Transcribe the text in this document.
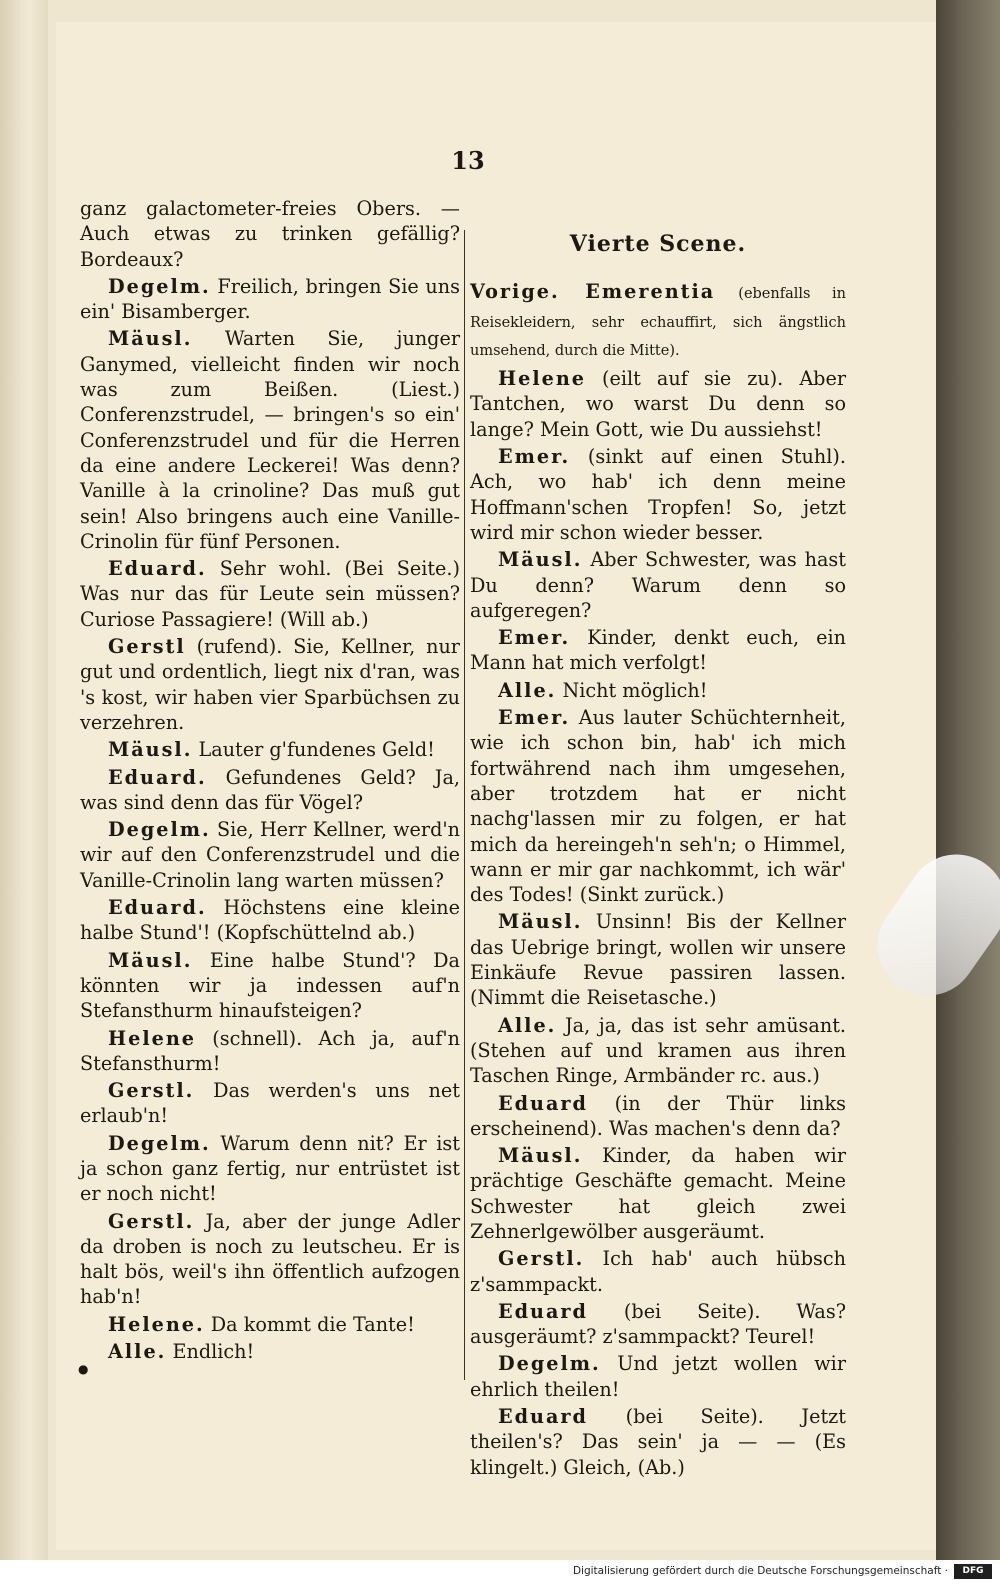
13

ganz galactometer-freies Obers. — Auch etwas zu trinken gefällig? Bordeaux?

Degelm. Freilich, bringen Sie uns ein' Bisamberger.

Mäusl. Warten Sie, junger Ganymed, vielleicht finden wir noch was zum Beißen. (Liest.) Conferenzstrudel, — bringen's so ein' Conferenzstrudel und für die Herren da eine andere Leckerei! Was denn? Vanille à la crinoline? Das muß gut sein! Also bringens auch eine Vanille-Crinolin für fünf Personen.

Eduard. Sehr wohl. (Bei Seite.) Was nur das für Leute sein müssen? Curiose Passagiere! (Will ab.)

Gerstl (rufend). Sie, Kellner, nur gut und ordentlich, liegt nix d'ran, was 's kost, wir haben vier Sparbüchsen zu verzehren.

Mäusl. Lauter g'fundenes Geld!

Eduard. Gefundenes Geld? Ja, was sind denn das für Vögel?

Degelm. Sie, Herr Kellner, werd'n wir auf den Conferenzstrudel und die Vanille-Crinolin lang warten müssen?

Eduard. Höchstens eine kleine halbe Stund'! (Kopfschüttelnd ab.)

Mäusl. Eine halbe Stund'? Da könnten wir ja indessen auf'n Stefansthurm hinaufsteigen?

Helene (schnell). Ach ja, auf'n Stefansthurm!

Gerstl. Das werden's uns net erlaub'n!

Degelm. Warum denn nit? Er ist ja schon ganz fertig, nur entrüstet ist er noch nicht!

Gerstl. Ja, aber der junge Adler da droben is noch zu leutscheu. Er is halt bös, weil's ihn öffentlich aufzogen hab'n!

Helene. Da kommt die Tante!

Alle. Endlich!

Vierte Scene.

Vorige. Emerentia (ebenfalls in Reisekleidern, sehr echauffirt, sich ängstlich umsehend, durch die Mitte).

Helene (eilt auf sie zu). Aber Tantchen, wo warst Du denn so lange? Mein Gott, wie Du aussiehst!

Emer. (sinkt auf einen Stuhl). Ach, wo hab' ich denn meine Hoffmann'schen Tropfen! So, jetzt wird mir schon wieder besser.

Mäusl. Aber Schwester, was hast Du denn? Warum denn so aufgeregen?

Emer. Kinder, denkt euch, ein Mann hat mich verfolgt!

Alle. Nicht möglich!

Emer. Aus lauter Schüchternheit, wie ich schon bin, hab' ich mich fortwährend nach ihm umgesehen, aber trotzdem hat er nicht nachg'lassen mir zu folgen, er hat mich da hereingeh'n seh'n; o Himmel, wann er mir gar nachkommt, ich wär' des Todes! (Sinkt zurück.)

Mäusl. Unsinn! Bis der Kellner das Uebrige bringt, wollen wir unsere Einkäufe Revue passiren lassen. (Nimmt die Reisetasche.)

Alle. Ja, ja, das ist sehr amüsant. (Stehen auf und kramen aus ihren Taschen Ringe, Armbänder rc. aus.)

Eduard (in der Thür links erscheinend). Was machen's denn da?

Mäusl. Kinder, da haben wir prächtige Geschäfte gemacht. Meine Schwester hat gleich zwei Zehnerlgewölber ausgeräumt.

Gerstl. Ich hab' auch hübsch z'sammpackt.

Eduard (bei Seite). Was? ausgeräumt? z'sammpackt? Teurel!

Degelm. Und jetzt wollen wir ehrlich theilen!

Eduard (bei Seite). Jetzt theilen's? Das sein' ja — — (Es klingelt.) Gleich, (Ab.)

●
Digitalisierung gefördert durch die Deutsche Forschungsgemeinschaft ·	DFG
